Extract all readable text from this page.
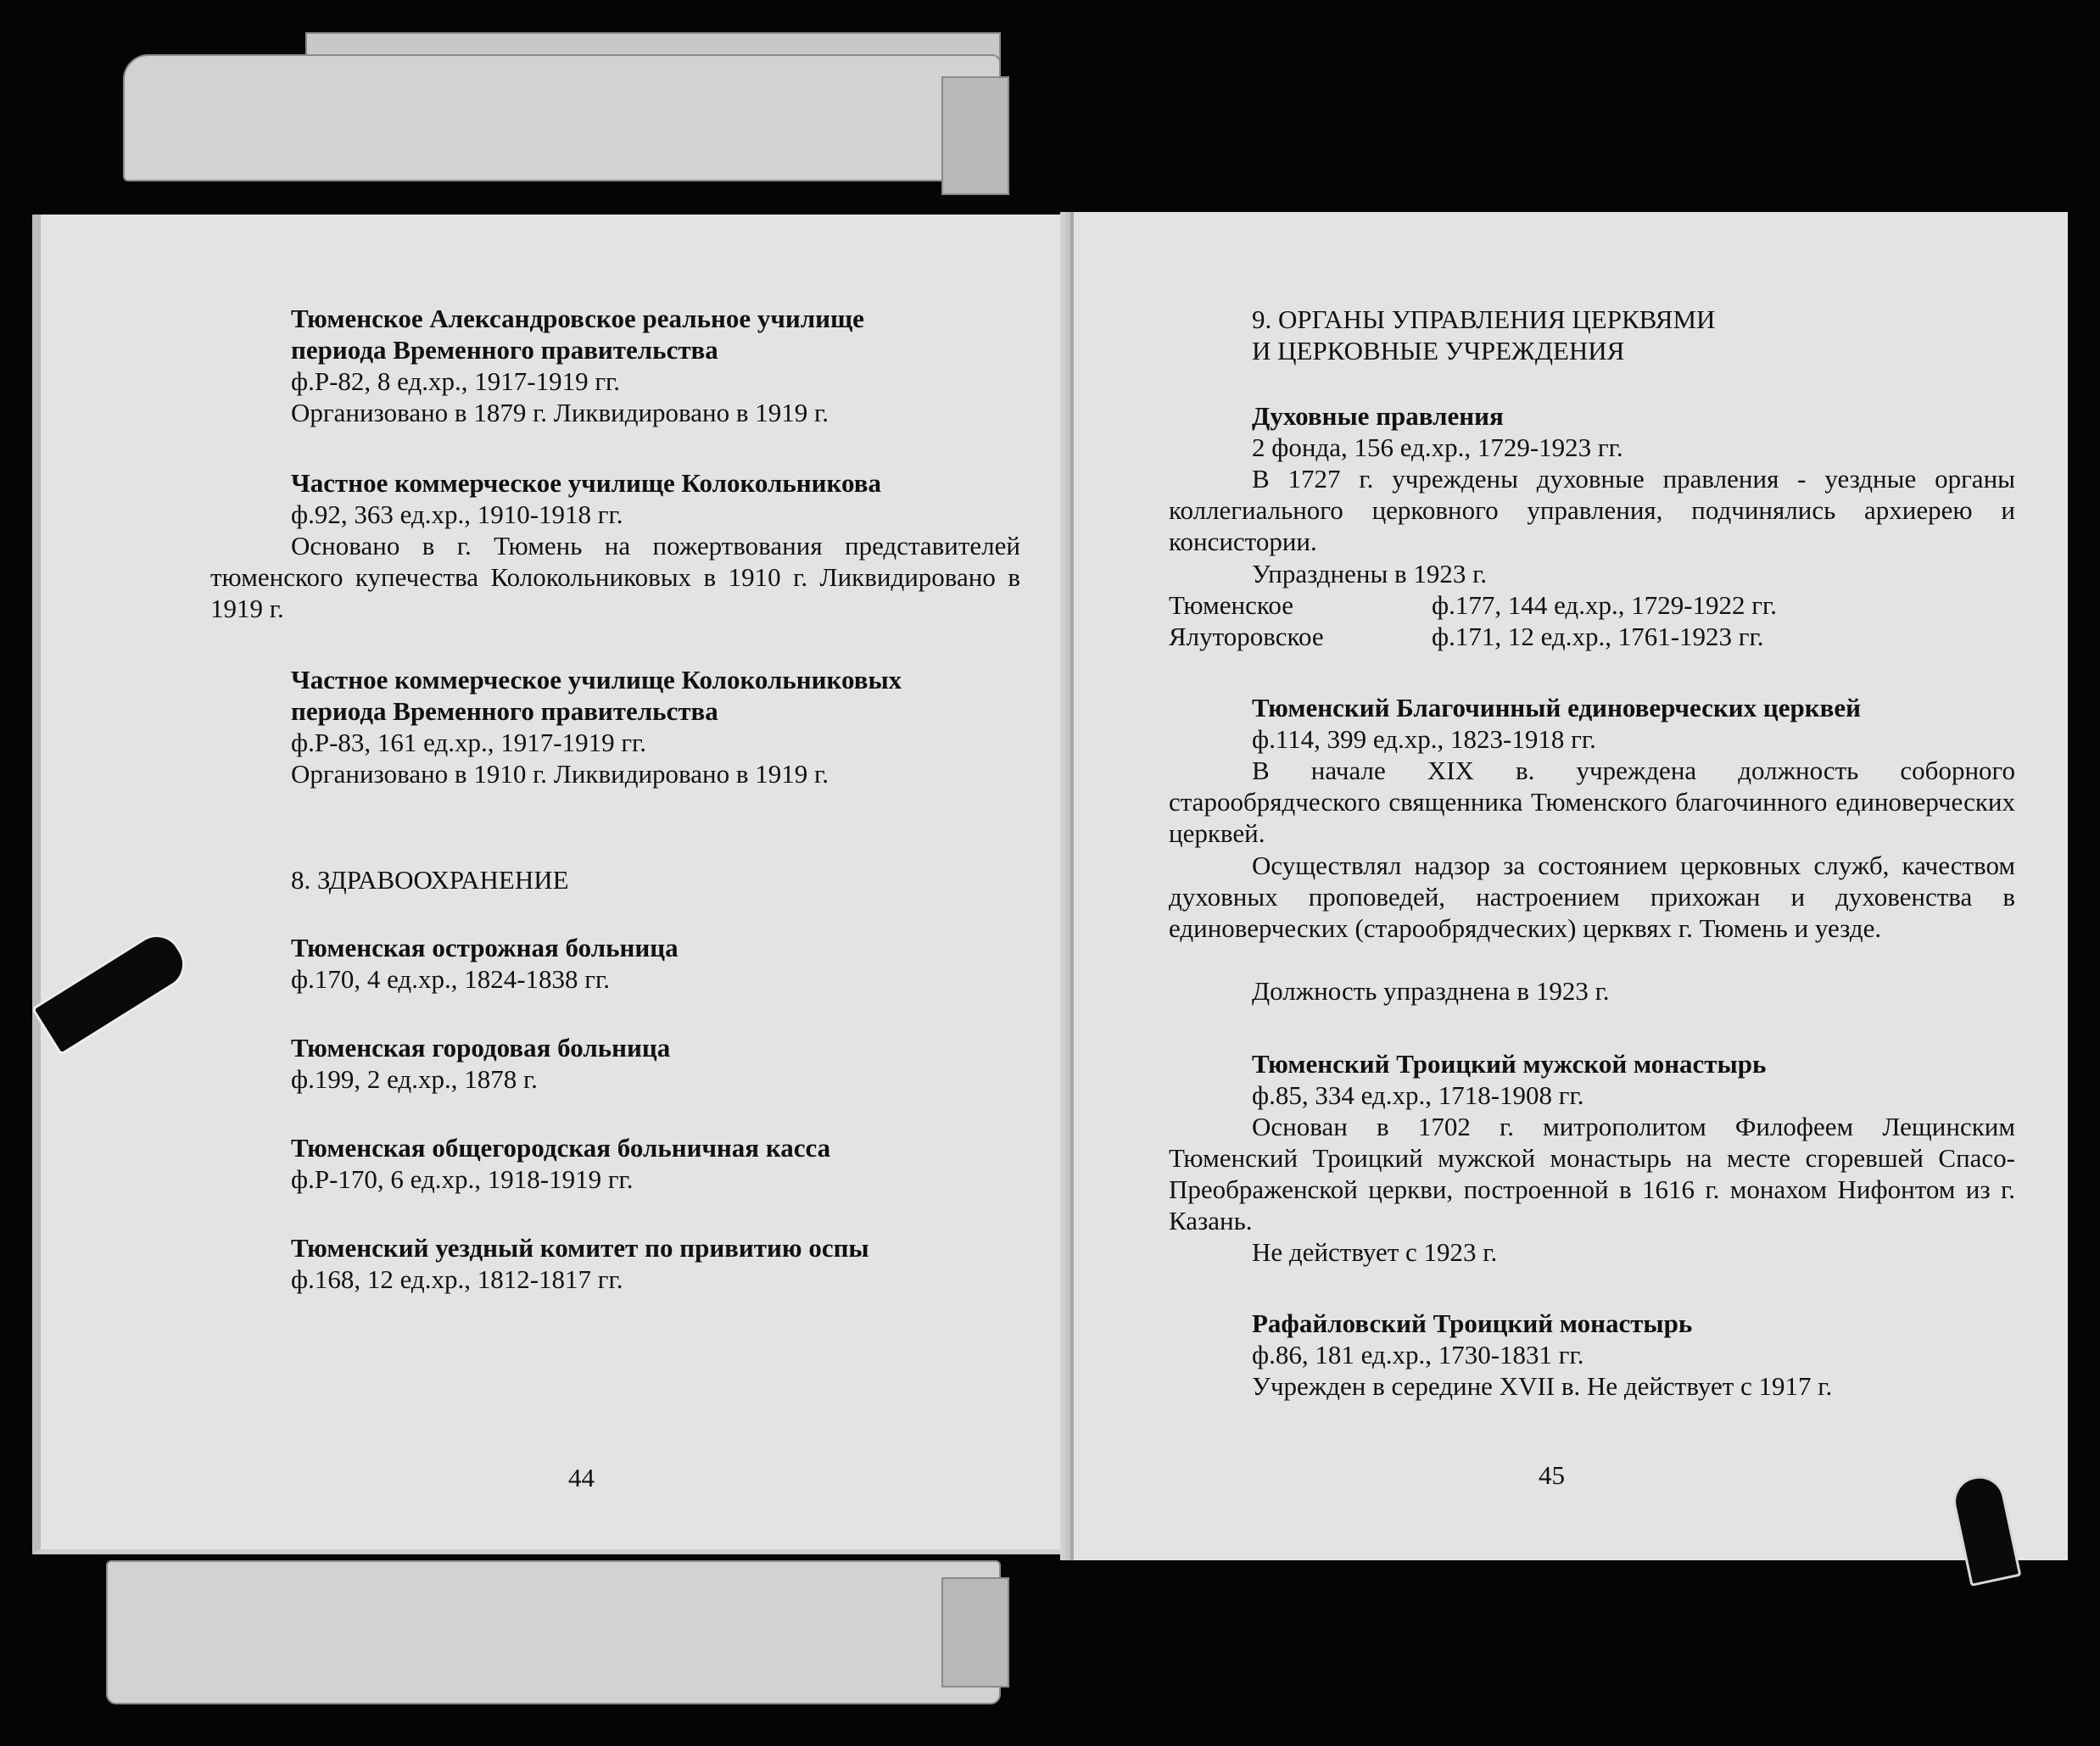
Тюменское Александровское реальное училище
периода Временного правительства
ф.Р-82, 8 ед.хр., 1917-1919 гг.
Организовано в 1879 г. Ликвидировано в 1919 г.
Частное коммерческое училище Колокольникова
ф.92, 363 ед.хр., 1910-1918 гг.
Основано в г. Тюмень на пожертвования представителей тюменского купечества Колокольниковых в 1910 г. Ликвидировано в 1919 г.
Частное коммерческое училище Колокольниковых
периода Временного правительства
ф.Р-83, 161 ед.хр., 1917-1919 гг.
Организовано в 1910 г. Ликвидировано в 1919 г.
8. ЗДРАВООХРАНЕНИЕ
Тюменская острожная больница
ф.170, 4 ед.хр., 1824-1838 гг.
Тюменская городовая больница
ф.199, 2 ед.хр., 1878 г.
Тюменская общегородская больничная касса
ф.Р-170, 6 ед.хр., 1918-1919 гг.
Тюменский уездный комитет по привитию оспы
ф.168, 12 ед.хр., 1812-1817 гг.
44
9. ОРГАНЫ УПРАВЛЕНИЯ ЦЕРКВЯМИ
И ЦЕРКОВНЫЕ УЧРЕЖДЕНИЯ
Духовные правления
2 фонда, 156 ед.хр., 1729-1923 гг.
В 1727 г. учреждены духовные правления - уездные органы коллегиального церковного управления, подчинялись архиерею и консистории.
Упразднены в 1923 г.
Тюменское	ф.177, 144 ед.хр., 1729-1922 гг.
Ялуторовское	ф.171, 12 ед.хр., 1761-1923 гг.
Тюменский Благочинный единоверческих церквей
ф.114, 399 ед.хр., 1823-1918 гг.
В начале XIX в. учреждена должность соборного старообрядческого священника Тюменского благочинного единоверческих церквей.
Осуществлял надзор за состоянием церковных служб, качеством духовных проповедей, настроением прихожан и духовенства в единоверческих (старообрядческих) церквях г. Тюмень и уезде.
Должность упразднена в 1923 г.
Тюменский Троицкий мужской монастырь
ф.85, 334 ед.хр., 1718-1908 гг.
Основан в 1702 г. митрополитом Филофеем Лещинским Тюменский Троицкий мужской монастырь на месте сгоревшей Спасо-Преображенской церкви, построенной в 1616 г. монахом Нифонтом из г. Казань.
Не действует с 1923 г.
Рафайловский Троицкий монастырь
ф.86, 181 ед.хр., 1730-1831 гг.
Учрежден в середине XVII в. Не действует с 1917 г.
45
